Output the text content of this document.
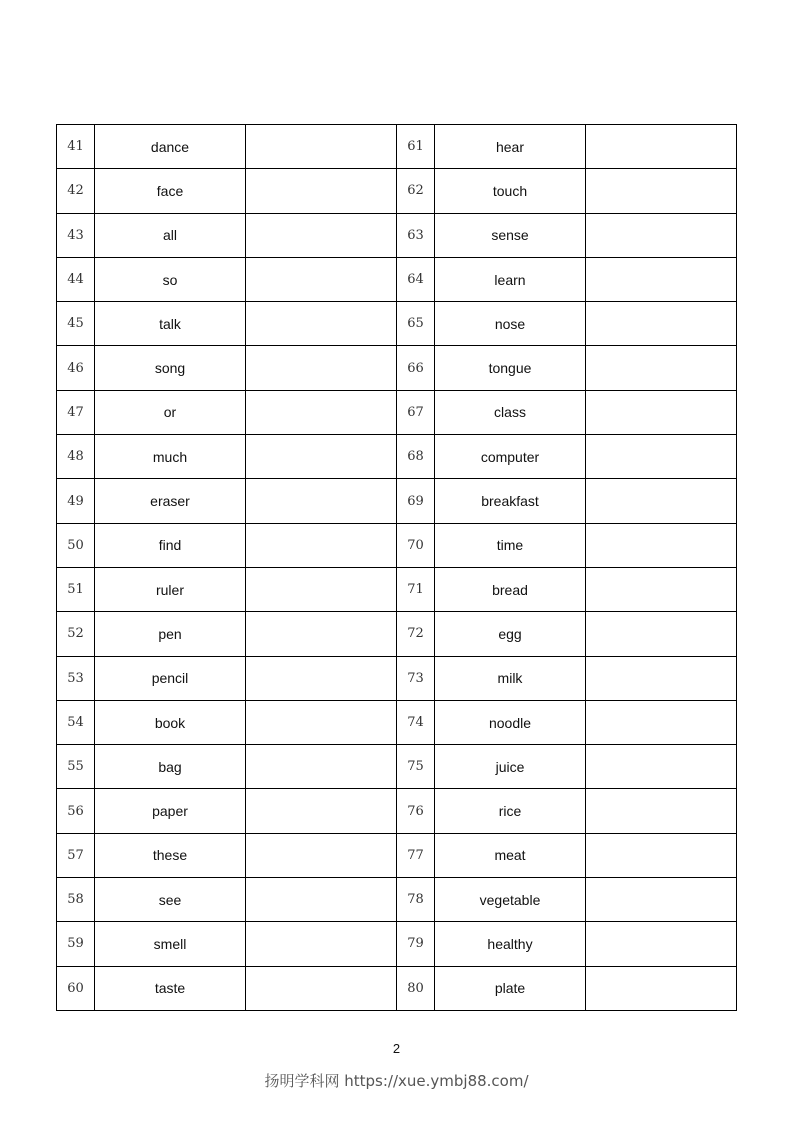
41	dance		61	hear	
42	face		62	touch	
43	all		63	sense	
44	so		64	learn	
45	talk		65	nose	
46	song		66	tongue	
47	or		67	class	
48	much		68	computer	
49	eraser		69	breakfast	
50	find		70	time	
51	ruler		71	bread	
52	pen		72	egg	
53	pencil		73	milk	
54	book		74	noodle	
55	bag		75	juice	
56	paper		76	rice	
57	these		77	meat	
58	see		78	vegetable	
59	smell		79	healthy	
60	taste		80	plate	
2
扬明学科网 https://xue.ymbj88.com/
